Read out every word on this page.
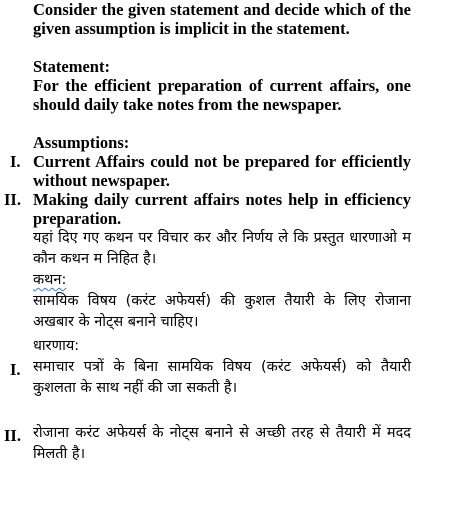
Consider the given statement and decide which of the given assumption is implicit in the statement.

Statement:

For the efficient preparation of current affairs, one should daily take notes from the newspaper.

Assumptions:

I. Current Affairs could not be prepared for efficiently without newspaper.

II. Making daily current affairs notes help in efficiency preparation.

यहां दिए गए कथन पर विचार कर और निर्णय ले कि प्रस्तुत धारणाओ म कौन कथन म निहित है।

कथन:

सामयिक विषय (करंट अफेयर्स) की कुशल तैयारी के लिए रोजाना अखबार के नोट्स बनाने चाहिए।

धारणाय:

I. समाचार पत्रों के बिना सामयिक विषय (करंट अफेयर्स) को तैयारी कुशलता के साथ नहीं की जा सकती है।

II. रोजाना करंट अफेयर्स के नोट्स बनाने से अच्छी तरह से तैयारी में मदद मिलती है।
